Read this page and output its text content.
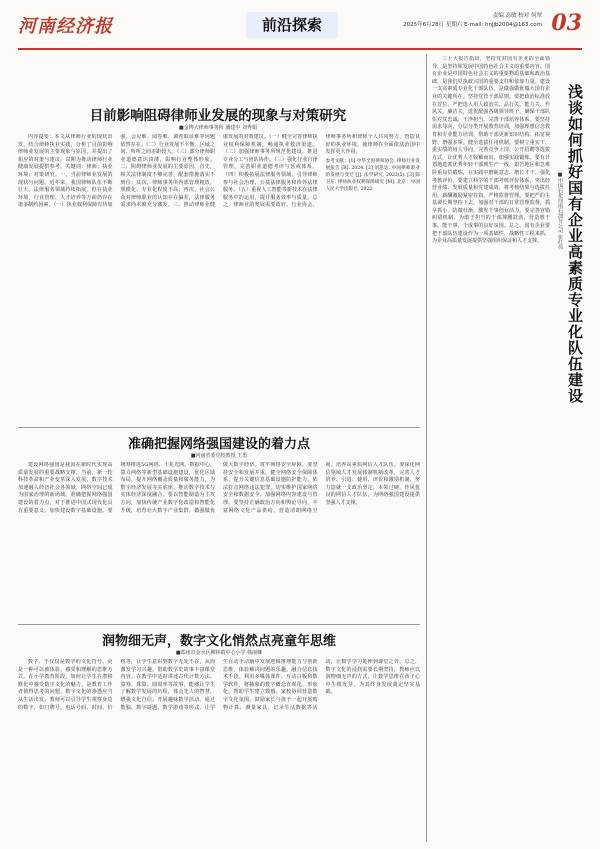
河南经济报	前沿探索	责编 高敏 校对 何翠
2025年6月28日 星期六 E-mail: hnjjb2004@163.com 03
目前影响阻碍律师业发展的现象与对策研究
■金博大律师事务所 潘建中 刘秀娟

内容提要：本文从律师行业的现状出发，结合律师执业实践，分析了目前影响律师业发展的主要现象与原因，并提出了相应的对策与建议，以期为推动律师行业健康发展提供参考。关键词：律师；执业环境；对策研究。一、当前律师业发展的现状与问题。近年来，我国律师队伍不断壮大，法律服务领域持续拓展，但在执业环境、行业管理、人才培养等方面仍存在诸多制约因素。（一）执业权利保障有待加强，会见难、阅卷难、调查取证难等问题依然存在。（二）行业发展不平衡，区域之间、所所之间差距较大。（三）部分律师职业道德意识淡薄，影响行业整体形象。二、阻碍律师业发展的主要原因。首先，相关法律制度不够完善，配套措施落实不到位；其次，律师事务所内部管理粗放，规模化、专业化程度不高；再次，社会公众对律师职业的认知存在偏差，法律服务需求尚未被充分激发。三、推动律师业健康发展的对策建议。（一）健全完善律师执业权利保障机制，畅通执业救济渠道。（二）加强律师事务所规范化建设，推进专业分工与团队协作。（三）强化行业自律管理，完善职业道德考评与惩戒体系。（四）积极拓展法律服务领域，引导律师参与社会治理、公益法律服务和涉外法律服务。（五）重视人工智能等新技术在法律服务中的运用，提升服务效率与质量。总之，律师业的发展需要政府、行业协会、律师事务所和律师个人共同努力，营造良好的执业环境，使律师在全面依法治国中发挥更大作用。

参考文献：[1] 中华全国律师协会. 律师行业发展报告 [R]. 2024. [2] 刘思达. 中国律师职业的发展与变迁 [J]. 法学研究, 2023(5). [3] 陈卫东. 律师执业权利保障研究 [M]. 北京：中国人民大学出版社, 2022.

准确把握网络强国建设的着力点
■河南省委党校教授 王勇

建设网络强国是我国在新时代实现高质量发展的重要战略支撑。当前，新一轮科技革命和产业变革深入发展，数字技术加速融入经济社会各领域，网络空间已成为国家治理的新场域。准确把握网络强国建设的着力点，对于推进中国式现代化具有重要意义。加快建设数字基础设施。要统筹推进5G网络、千兆光网、数据中心、算力网络等新型基础设施建设，优化区域布局，提升网络覆盖质量和服务能力，为数字经济发展夯实底座。推动数字技术与实体经济深度融合。要以智能制造为主攻方向，加快传统产业数字化改造和智能化升级，培育壮大数字产业集群，做强做优做大数字经济。筑牢网络安全屏障。要坚持安全和发展并重，健全网络安全保障体系，提升关键信息基础设施防护能力，依法打击网络违法犯罪，切实维护国家网络安全和数据安全。加强网络内容建设与管理。要坚持正确政治方向和舆论导向，丰富网络文化产品供给，营造清朗网络空间。培养高素质网信人才队伍。要深化网信领域人才发展体制机制改革，完善人才培养、引进、使用、评价和激励机制，努力造就一支政治坚定、本领过硬、作风优良的网信人才队伍，为网络强国建设提供坚强人才支撑。

润物细无声，数字文化悄然点亮童年思维
■郑州市金水区柳林镇中心小学 韩丽娜

数字、不仅仅是数学的文化符号，更是一种可以被体验、感受和理解的思维方式。在小学教育阶段，如何让学生在潜移默化中感受数字文化的魅力，是教育工作者值得思考的问题。数字文化的渗透应当从生活出发。教师可以引导学生观察身边的数字，如门牌号、电话号码、时间、价格等，让学生意识到数字无处不在，从而激发学习兴趣。借助数学史故事丰富课堂内容。在教学中适时讲述古代计数方法、算筹、珠算、圆周率等故事，能够让学生了解数学发展的历程，体会先人的智慧，增强文化自信。开展趣味数学活动。通过数独、数字谜题、数学游戏等形式，让学生在动手动脑中发展逻辑推理能力与创新思维，体验解决问题的乐趣。融合信息技术手段。利用多媒体课件、互动白板和数学软件，将抽象的数字概念直观化、形象化，帮助学生建立数感。家校协同营造数字文化氛围。鼓励家长与孩子一起开展购物计算、测量家具、记录生活数据等活动，让数学学习延伸到课堂之外。总之，数字文化的浸润需要长期坚持，教师应以润物细无声的方式，让数学思维在孩子心中生根发芽，为其终身发展奠定坚实基础。

浅谈如何抓好国有企业高素质专业化队伍建设
■中国石化河南石油分公司 张红伟

三十大报告指出，坚持党对国有企业的全面领导，是坚持和发展中国特色社会主义的重要内容。国有企业是中国特色社会主义的重要物质基础和政治基础，是我们党执政兴国的重要支柱和依靠力量。建设一支高素质专业化干部队伍，是做强做优做大国有企业的关键所在。坚持党管干部原则。要把政治标准放在首位，严把选人用人政治关、品行关、能力关、作风关、廉洁关，选优配强各级领导班子，确保干部队伍对党忠诚、干净担当。完善干部培养体系。要坚持需求导向，分层分类开展教育培训，加强理想信念教育和专业能力培训，帮助干部更新知识结构、拓宽视野、增强本领。健全选拔任用机制。要树立重实干、重实绩的用人导向，完善竞争上岗、公开招聘等选拔方式，让优秀人才脱颖而出。加强实践锻炼。要有计划地选派优秀年轻干部到生产一线、艰苦地区和急难险重岗位锻炼，在实践中磨砺意志、增长才干。强化考核评价。要建立科学的干部考核评价体系，突出经营业绩、发展质量和党建成效，将考核结果与选拔任用、薪酬激励紧密挂钩。严格监督管理。要把严的主基调长期坚持下去，加强对干部的日常管理监督，抓早抓小、防微杜渐。激发干事创业活力。要完善容错纠错机制，为敢于担当的干部撑腰鼓劲，营造想干事、能干事、干成事的良好氛围。总之，国有企业要把干部队伍建设作为一项基础性、战略性工程来抓，为企业高质量发展提供坚强组织保证和人才支撑。
